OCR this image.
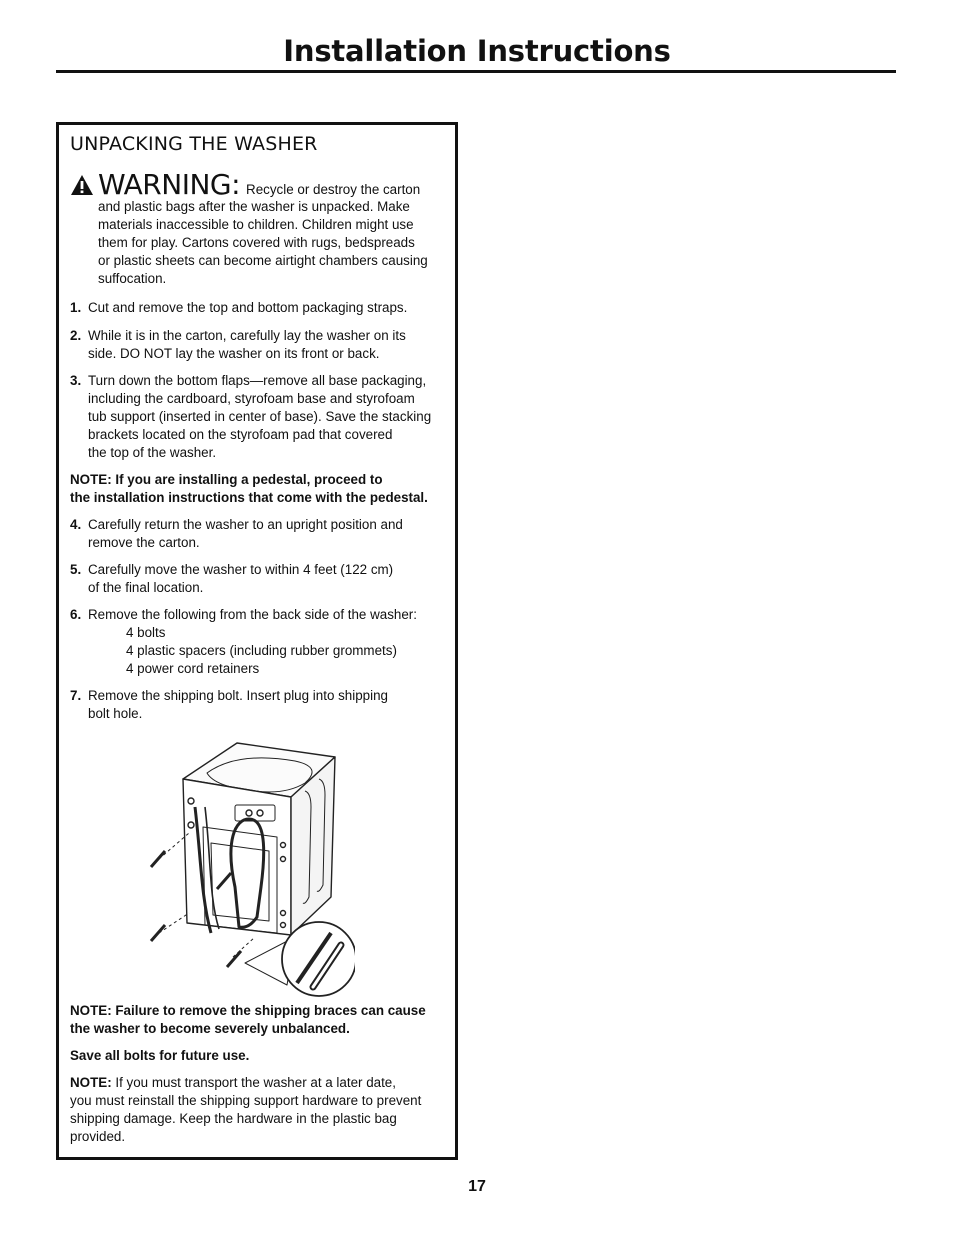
Installation Instructions
UNPACKING THE WASHER
WARNING: Recycle or destroy the carton
and plastic bags after the washer is unpacked. Make
materials inaccessible to children. Children might use
them for play. Cartons covered with rugs, bedspreads
or plastic sheets can become airtight chambers causing
suffocation.
1. Cut and remove the top and bottom packaging straps.
2. While it is in the carton, carefully lay the washer on its
side. DO NOT lay the washer on its front or back.
3. Turn down the bottom flaps—remove all base packaging,
including the cardboard, styrofoam base and styrofoam
tub support (inserted in center of base). Save the stacking
brackets located on the styrofoam pad that covered
the top of the washer.
NOTE: If you are installing a pedestal, proceed to
the installation instructions that come with the pedestal.
4. Carefully return the washer to an upright position and
remove the carton.
5. Carefully move the washer to within 4 feet (122 cm)
of the final location.
6. Remove the following from the back side of the washer:
4 bolts
4 plastic spacers (including rubber grommets)
4 power cord retainers
7. Remove the shipping bolt. Insert plug into shipping
bolt hole.
NOTE: Failure to remove the shipping braces can cause
the washer to become severely unbalanced.
Save all bolts for future use.
NOTE: If you must transport the washer at a later date,
you must reinstall the shipping support hardware to prevent
shipping damage. Keep the hardware in the plastic bag
provided.
17
